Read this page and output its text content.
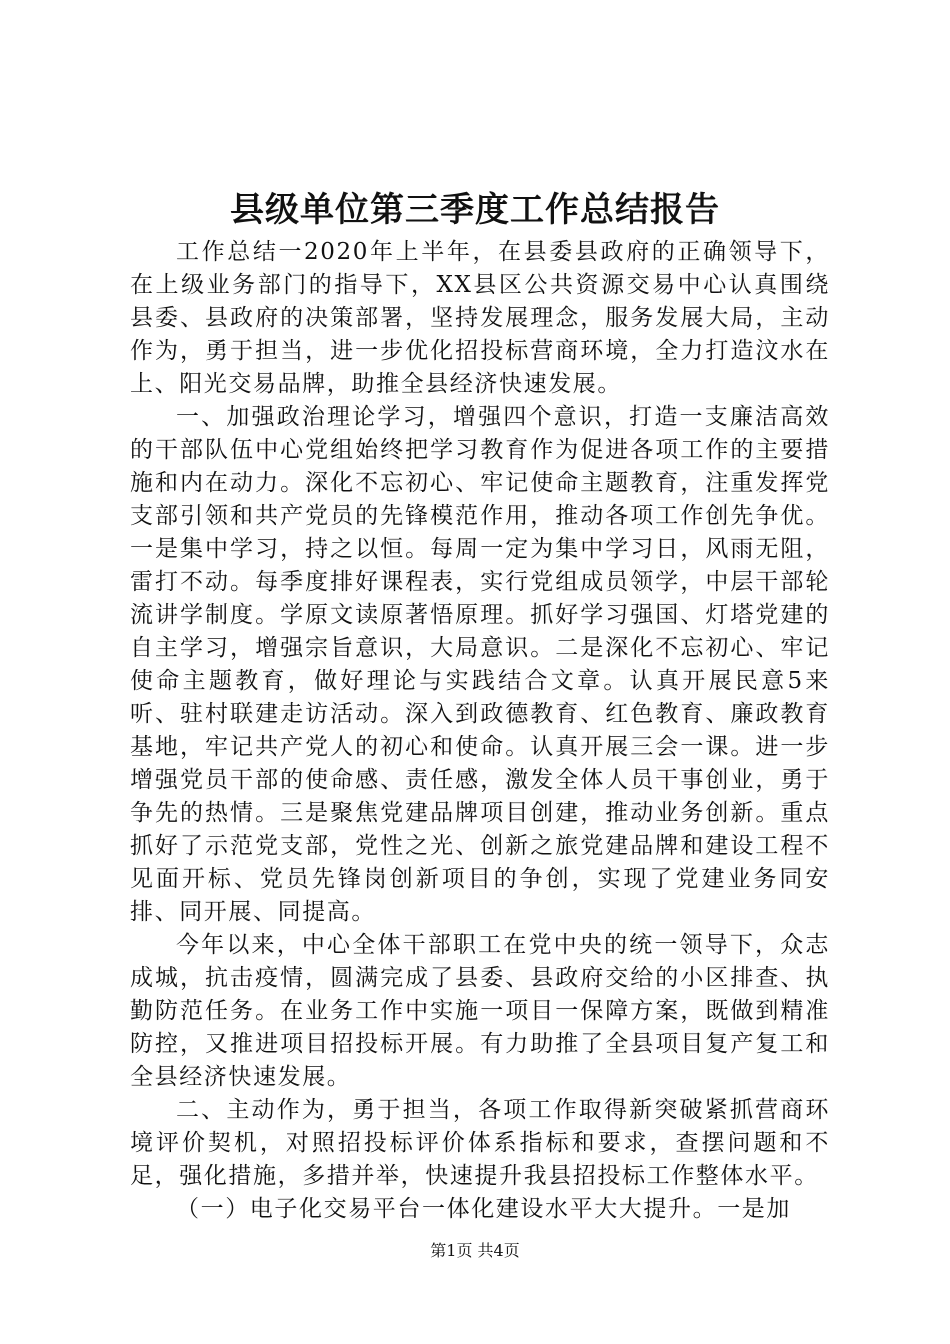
县级单位第三季度工作总结报告

工作总结一2020年上半年，在县委县政府的正确领导下，在上级业务部门的指导下，XX县区公共资源交易中心认真围绕县委、县政府的决策部署，坚持发展理念，服务发展大局，主动作为，勇于担当，进一步优化招投标营商环境，全力打造汶水在上、阳光交易品牌，助推全县经济快速发展。

一、加强政治理论学习，增强四个意识，打造一支廉洁高效的干部队伍中心党组始终把学习教育作为促进各项工作的主要措施和内在动力。深化不忘初心、牢记使命主题教育，注重发挥党支部引领和共产党员的先锋模范作用，推动各项工作创先争优。一是集中学习，持之以恒。每周一定为集中学习日，风雨无阻，雷打不动。每季度排好课程表，实行党组成员领学，中层干部轮流讲学制度。学原文读原著悟原理。抓好学习强国、灯塔党建的自主学习，增强宗旨意识，大局意识。二是深化不忘初心、牢记使命主题教育，做好理论与实践结合文章。认真开展民意5来听、驻村联建走访活动。深入到政德教育、红色教育、廉政教育基地，牢记共产党人的初心和使命。认真开展三会一课。进一步增强党员干部的使命感、责任感，激发全体人员干事创业，勇于争先的热情。三是聚焦党建品牌项目创建，推动业务创新。重点抓好了示范党支部，党性之光、创新之旅党建品牌和建设工程不见面开标、党员先锋岗创新项目的争创，实现了党建业务同安排、同开展、同提高。

今年以来，中心全体干部职工在党中央的统一领导下，众志成城，抗击疫情，圆满完成了县委、县政府交给的小区排查、执勤防范任务。在业务工作中实施一项目一保障方案，既做到精准防控，又推进项目招投标开展。有力助推了全县项目复产复工和全县经济快速发展。

二、主动作为，勇于担当，各项工作取得新突破紧抓营商环境评价契机，对照招投标评价体系指标和要求，查摆问题和不足，强化措施，多措并举，快速提升我县招投标工作整体水平。

（一）电子化交易平台一体化建设水平大大提升。一是加

第1页 共4页
